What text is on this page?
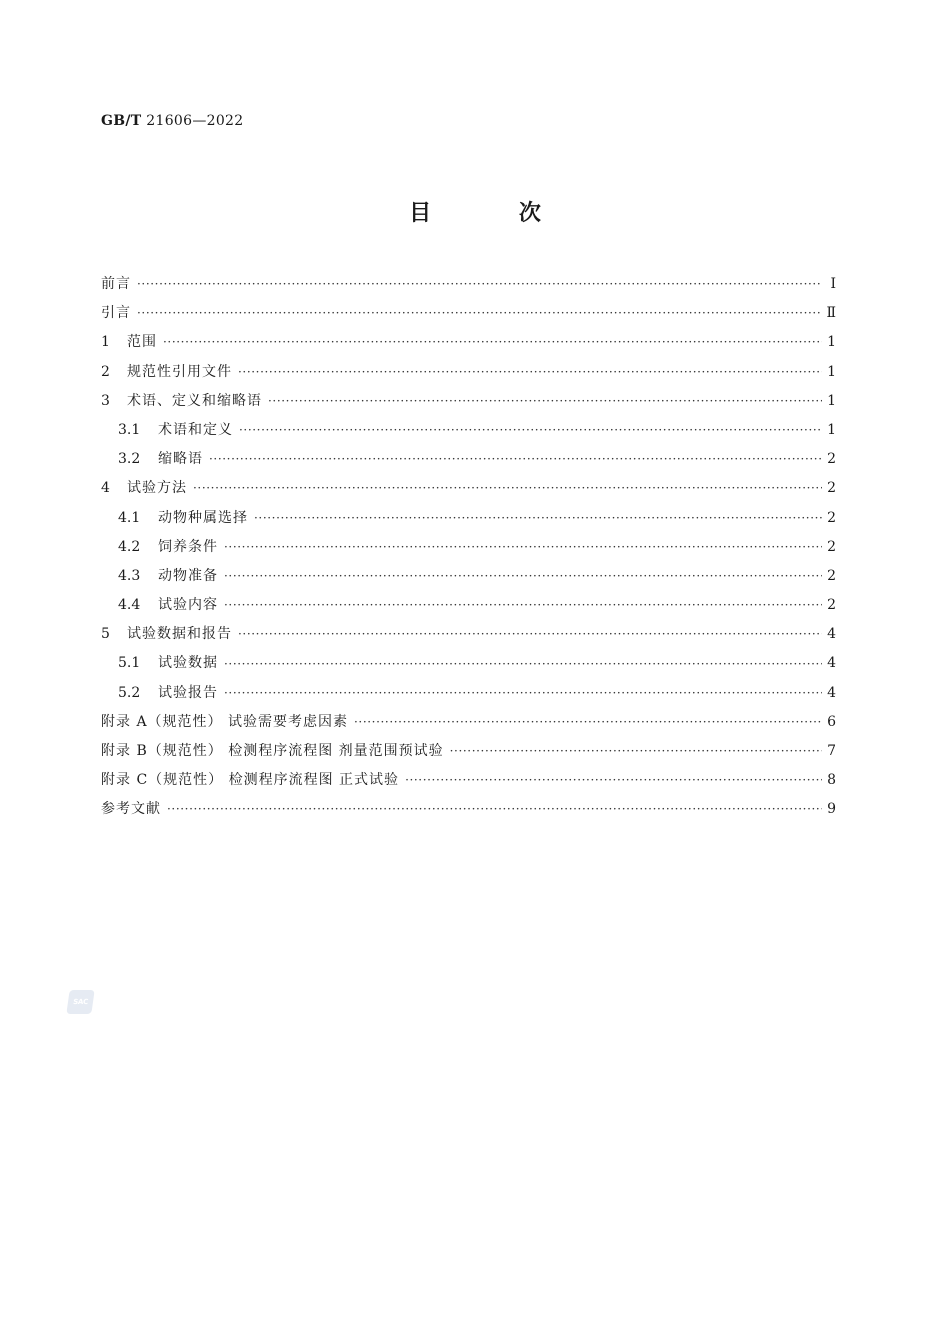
GB/T 21606—2022
目 次
前言 ·····	Ⅰ
引言 ·····	Ⅱ
1	范围 ·····	1
2	规范性引用文件 ·····	1
3	术语、定义和缩略语 ·····	1
3.1	术语和定义 ·····	1
3.2	缩略语 ·····	2
4	试验方法 ·····	2
4.1	动物种属选择 ·····	2
4.2	饲养条件 ·····	2
4.3	动物准备 ·····	2
4.4	试验内容 ·····	2
5	试验数据和报告 ·····	4
5.1	试验数据 ·····	4
5.2	试验报告 ·····	4
附录 A（规范性） 试验需要考虑因素 ·····	6
附录 B（规范性） 检测程序流程图 剂量范围预试验 ·····	7
附录 C（规范性） 检测程序流程图 正式试验 ·····	8
参考文献 ·····	9
SAC
